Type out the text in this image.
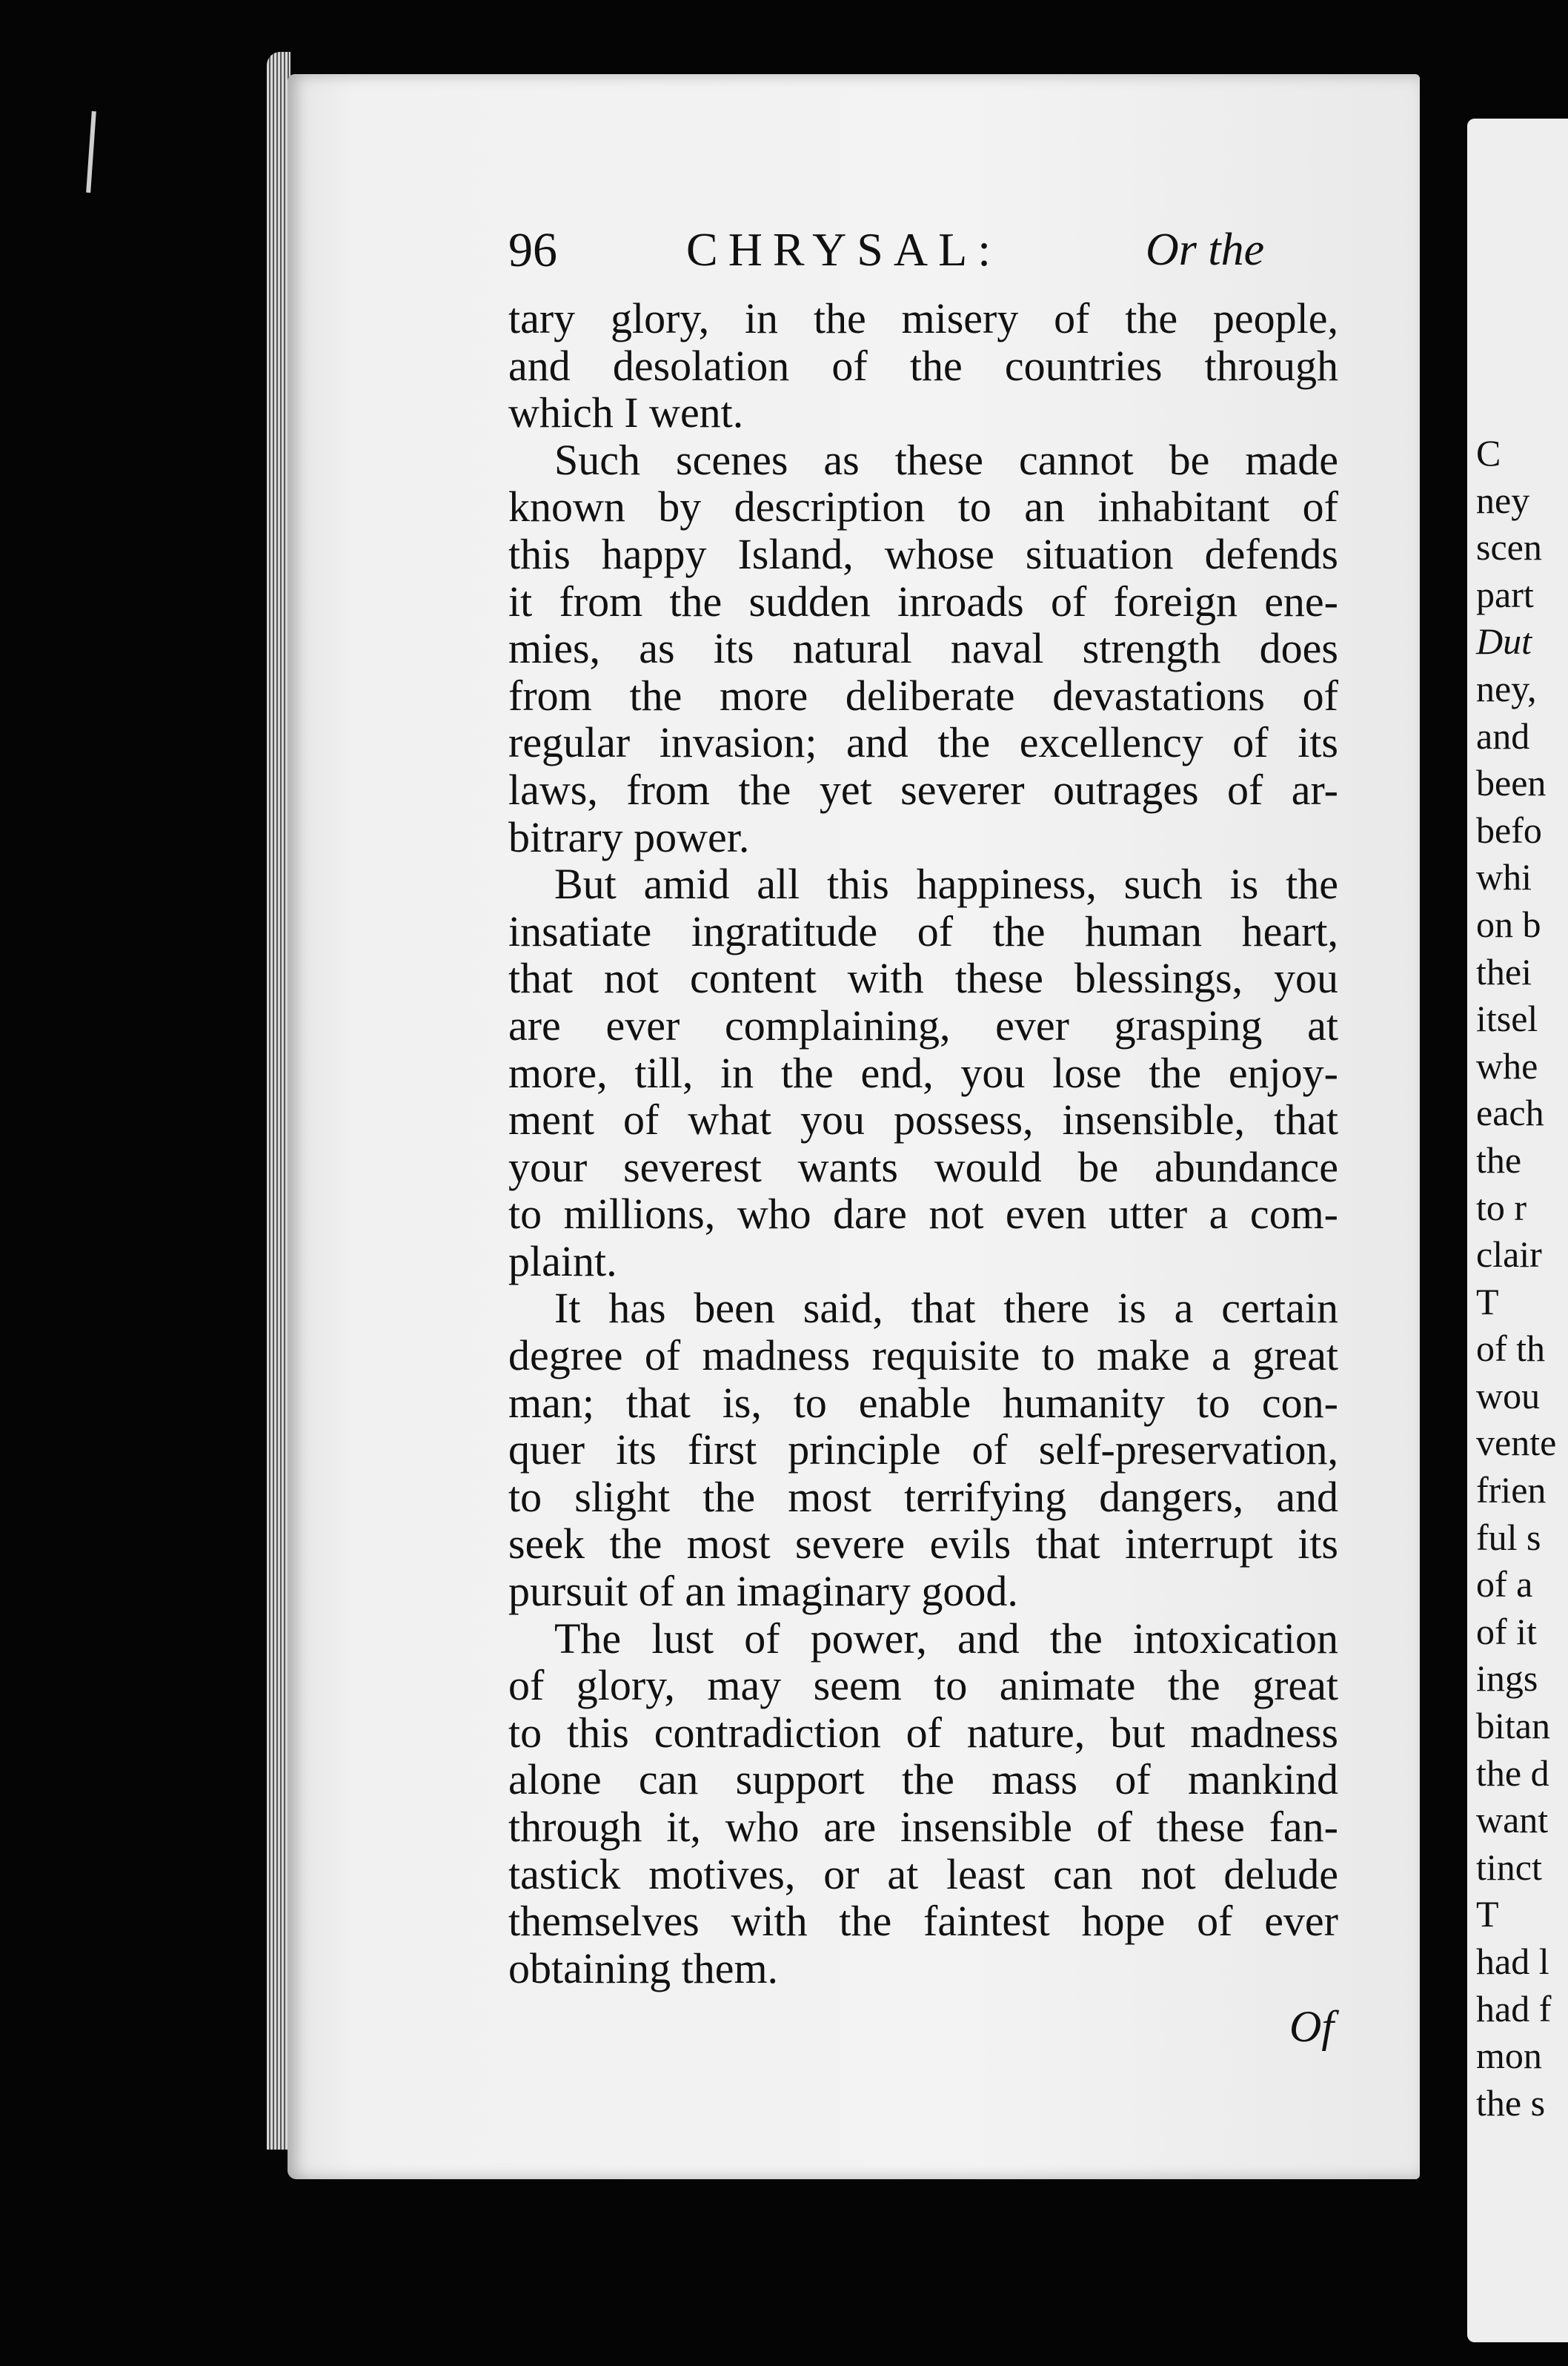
96	CHRYSAL:	Or the
tary glory, in the misery of the people,
and desolation of the countries through
which I went.
Such scenes as these cannot be made
known by description to an inhabitant of
this happy Island, whose situation defends
it from the sudden inroads of foreign ene-
mies, as its natural naval strength does
from the more deliberate devastations of
regular invasion; and the excellency of its
laws, from the yet severer outrages of ar-
bitrary power.
But amid all this happiness, such is the
insatiate ingratitude of the human heart,
that not content with these blessings, you
are ever complaining, ever grasping at
more, till, in the end, you lose the enjoy-
ment of what you possess, insensible, that
your severest wants would be abundance
to millions, who dare not even utter a com-
plaint.
It has been said, that there is a certain
degree of madness requisite to make a great
man; that is, to enable humanity to con-
quer its first principle of self-preservation,
to slight the most terrifying dangers, and
seek the most severe evils that interrupt its
pursuit of an imaginary good.
The lust of power, and the intoxication
of glory, may seem to animate the great
to this contradiction of nature, but madness
alone can support the mass of mankind
through it, who are insensible of these fan-
tastick motives, or at least can not delude
themselves with the faintest hope of ever
obtaining them.
Of
C
ney
scen
part
Dut
ney,
and
been
befo
whi
on b
thei
itsel
whe
each
the
to r
clair
T
of th
wou
vente
frien
ful s
of a
of it
ings
bitan
the d
want
tinct
T
had l
had f
mon
the s
